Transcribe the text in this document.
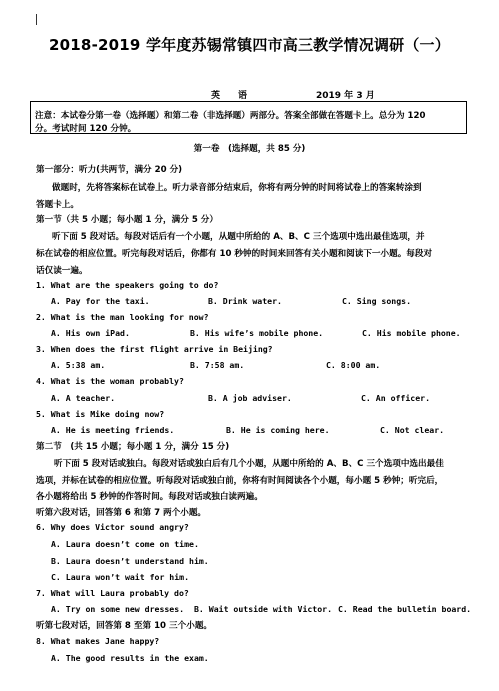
2018-2019 学年度苏锡常镇四市高三教学情况调研（一）
英　　语	2019 年 3 月
注意：本试卷分第一卷（选择题）和第二卷（非选择题）两部分。答案全部做在答题卡上。总分为 120
分。考试时间 120 分钟。
第一卷　(选择题，共 85 分)
第一部分：听力(共两节，满分 20 分)
做题时，先将答案标在试卷上。听力录音部分结束后，你将有两分钟的时间将试卷上的答案转涂到
答题卡上。
第一节（共 5 小题；每小题 1 分，满分 5 分）
听下面 5 段对话。每段对话后有一个小题，从题中所给的 A、B、C 三个选项中选出最佳选项，并
标在试卷的相应位置。听完每段对话后，你都有 10 秒钟的时间来回答有关小题和阅读下一小题。每段对
话仅读一遍。
1. What are the speakers going to do?
A. Pay for the taxi.	B. Drink water.	C. Sing songs.
2. What is the man looking for now?
A. His own iPad.	B. His wife’s mobile phone.	C. His mobile phone.
3. When does the first flight arrive in Beijing?
A. 5:38 am.	B. 7:58 am.	C. 8:00 am.
4. What is the woman probably?
A. A teacher.	B. A job adviser.	C. An officer.
5. What is Mike doing now?
A. He is meeting friends.	B. He is coming here.	C. Not clear.
第二节　(共 15 小题；每小题 1 分，满分 15 分)
听下面 5 段对话或独白。每段对话或独白后有几个小题，从题中所给的 A、B、C 三个选项中选出最佳
选项，并标在试卷的相应位置。听每段对话或独白前，你将有时间阅读各个小题，每小题 5 秒钟；听完后，
各小题将给出 5 秒钟的作答时间。每段对话或独白读两遍。
听第六段对话，回答第 6 和第 7 两个小题。
6. Why does Victor sound angry?
A. Laura doesn’t come on time.
B. Laura doesn’t understand him.
C. Laura won’t wait for him.
7. What will Laura probably do?
A. Try on some new dresses. B. Wait outside with Victor. C. Read the bulletin board.
听第七段对话，回答第 8 至第 10 三个小题。
8. What makes Jane happy?
A. The good results in the exam.
